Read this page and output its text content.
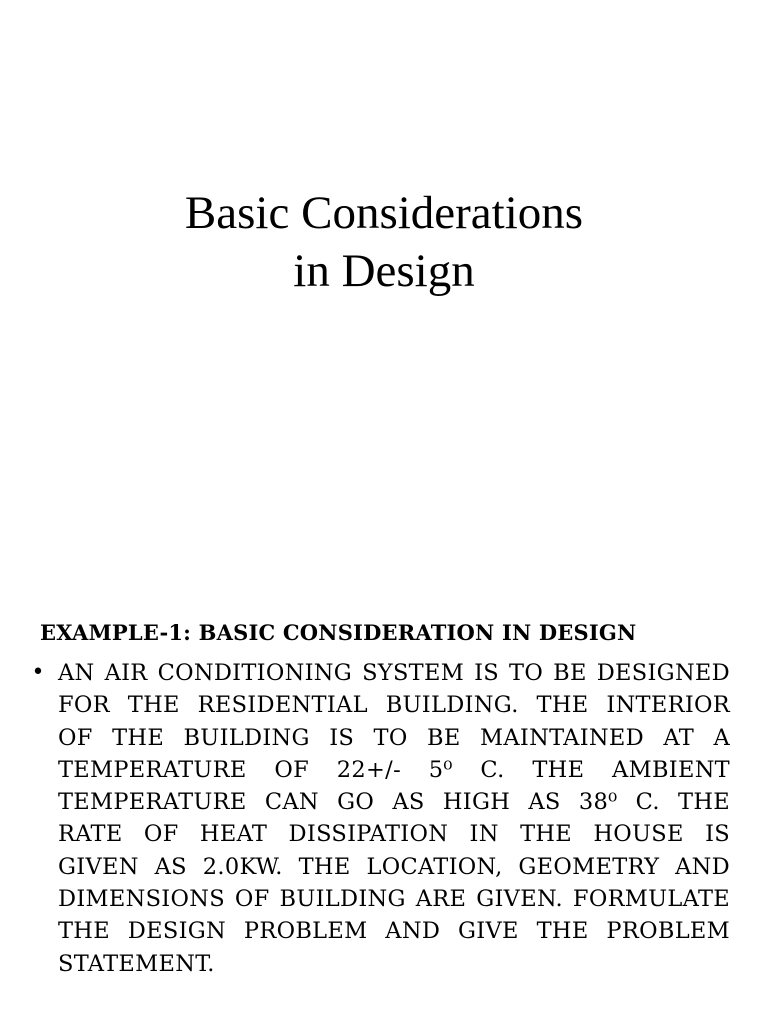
Basic Considerations
in Design
EXAMPLE-1: BASIC CONSIDERATION IN DESIGN
• AN AIR CONDITIONING SYSTEM IS TO BE DESIGNED FOR THE RESIDENTIAL BUILDING. THE INTERIOR OF THE BUILDING IS TO BE MAINTAINED AT A TEMPERATURE OF 22+/- 5⁰ C. THE AMBIENT TEMPERATURE CAN GO AS HIGH AS 38⁰ C. THE RATE OF HEAT DISSIPATION IN THE HOUSE IS GIVEN AS 2.0KW. THE LOCATION, GEOMETRY AND DIMENSIONS OF BUILDING ARE GIVEN. FORMULATE THE DESIGN PROBLEM AND GIVE THE PROBLEM STATEMENT.
